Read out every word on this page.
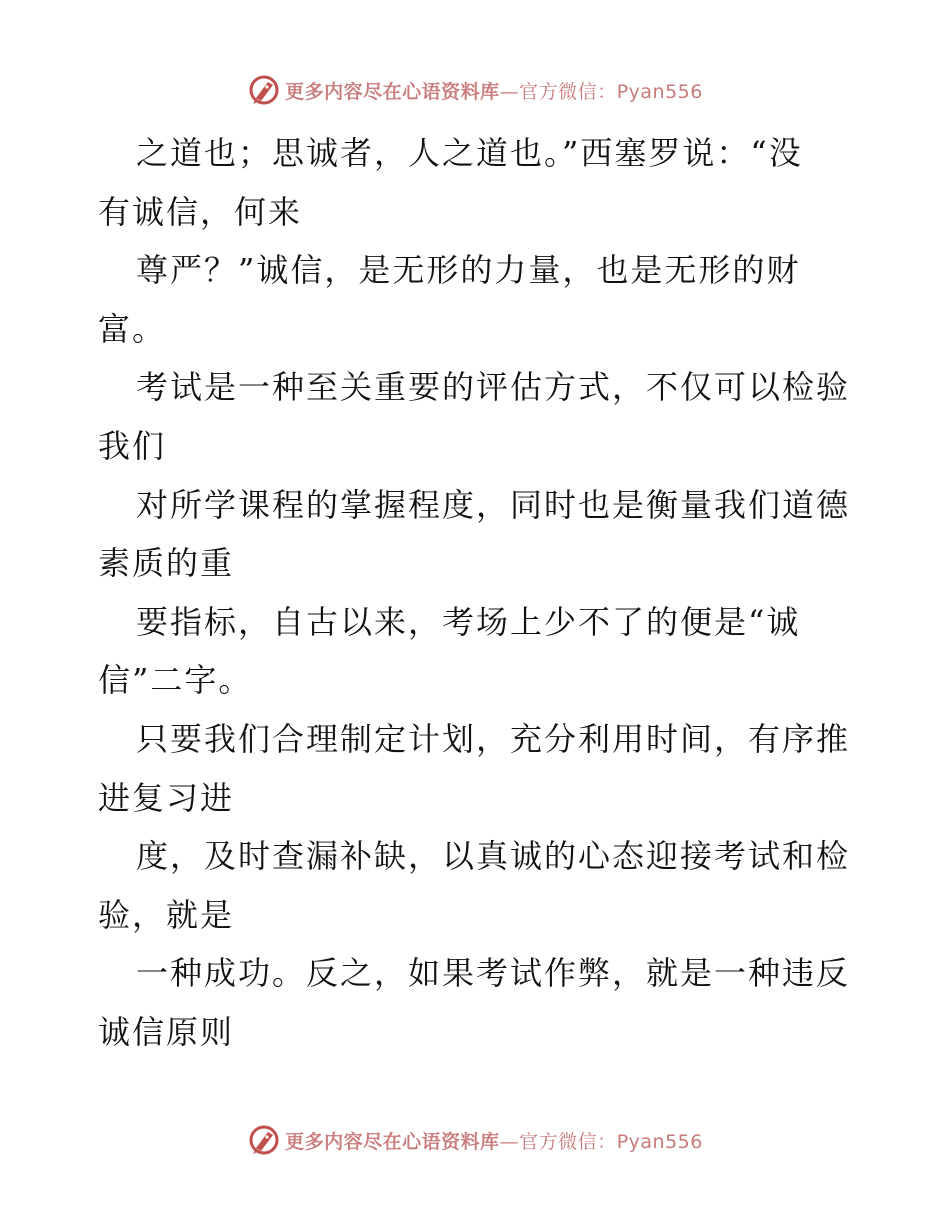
更多内容尽在心语资料库—官方微信：Pyan556
之道也；思诚者，人之道也。”西塞罗说：“没
有诚信，何来
尊严？”诚信，是无形的力量，也是无形的财
富。
考试是一种至关重要的评估方式，不仅可以检验
我们
对所学课程的掌握程度，同时也是衡量我们道德
素质的重
要指标，自古以来，考场上少不了的便是“诚
信”二字。
只要我们合理制定计划，充分利用时间，有序推
进复习进
度，及时查漏补缺，以真诚的心态迎接考试和检
验，就是
一种成功。反之，如果考试作弊，就是一种违反
诚信原则
更多内容尽在心语资料库—官方微信：Pyan556
